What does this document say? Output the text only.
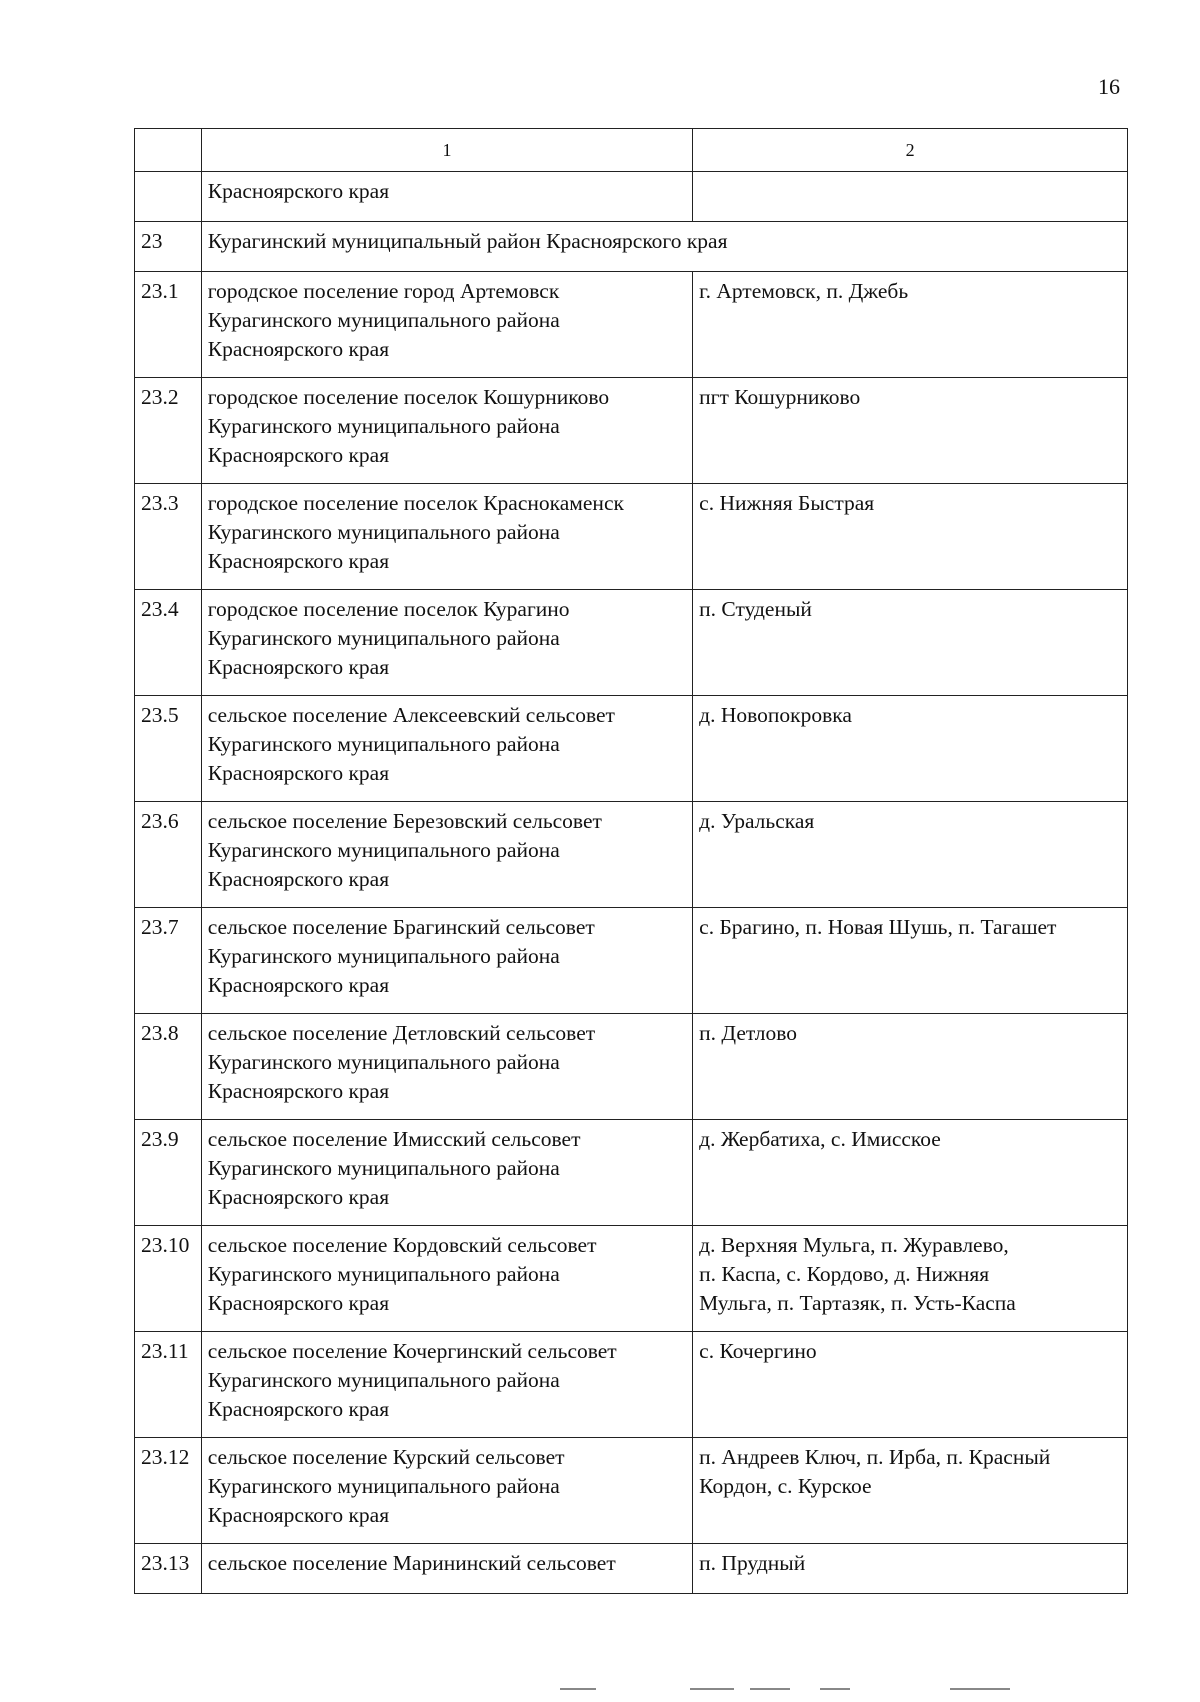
16
	1	2
	Красноярского края	
23	Курагинский муниципальный район Красноярского края	
23.1	городское поселение город Артемовск
Курагинского муниципального района
Красноярского края	г. Артемовск, п. Джебь
23.2	городское поселение поселок Кошурниково
Курагинского муниципального района
Красноярского края	пгт Кошурниково
23.3	городское поселение поселок Краснокаменск
Курагинского муниципального района
Красноярского края	с. Нижняя Быстрая
23.4	городское поселение поселок Курагино
Курагинского муниципального района
Красноярского края	п. Студеный
23.5	сельское поселение Алексеевский сельсовет
Курагинского муниципального района
Красноярского края	д. Новопокровка
23.6	сельское поселение Березовский сельсовет
Курагинского муниципального района
Красноярского края	д. Уральская
23.7	сельское поселение Брагинский сельсовет
Курагинского муниципального района
Красноярского края	с. Брагино, п. Новая Шушь, п. Тагашет
23.8	сельское поселение Детловский сельсовет
Курагинского муниципального района
Красноярского края	п. Детлово
23.9	сельское поселение Имисский сельсовет
Курагинского муниципального района
Красноярского края	д. Жербатиха, с. Имисское
23.10	сельское поселение Кордовский сельсовет
Курагинского муниципального района
Красноярского края	д. Верхняя Мульга, п. Журавлево,
п. Каспа, с. Кордово, д. Нижняя
Мульга, п. Тартазяк, п. Усть-Каспа
23.11	сельское поселение Кочергинский сельсовет
Курагинского муниципального района
Красноярского края	с. Кочергино
23.12	сельское поселение Курский сельсовет
Курагинского муниципального района
Красноярского края	п. Андреев Ключ, п. Ирба, п. Красный
Кордон, с. Курское
23.13	сельское поселение Марининский сельсовет	п. Прудный
